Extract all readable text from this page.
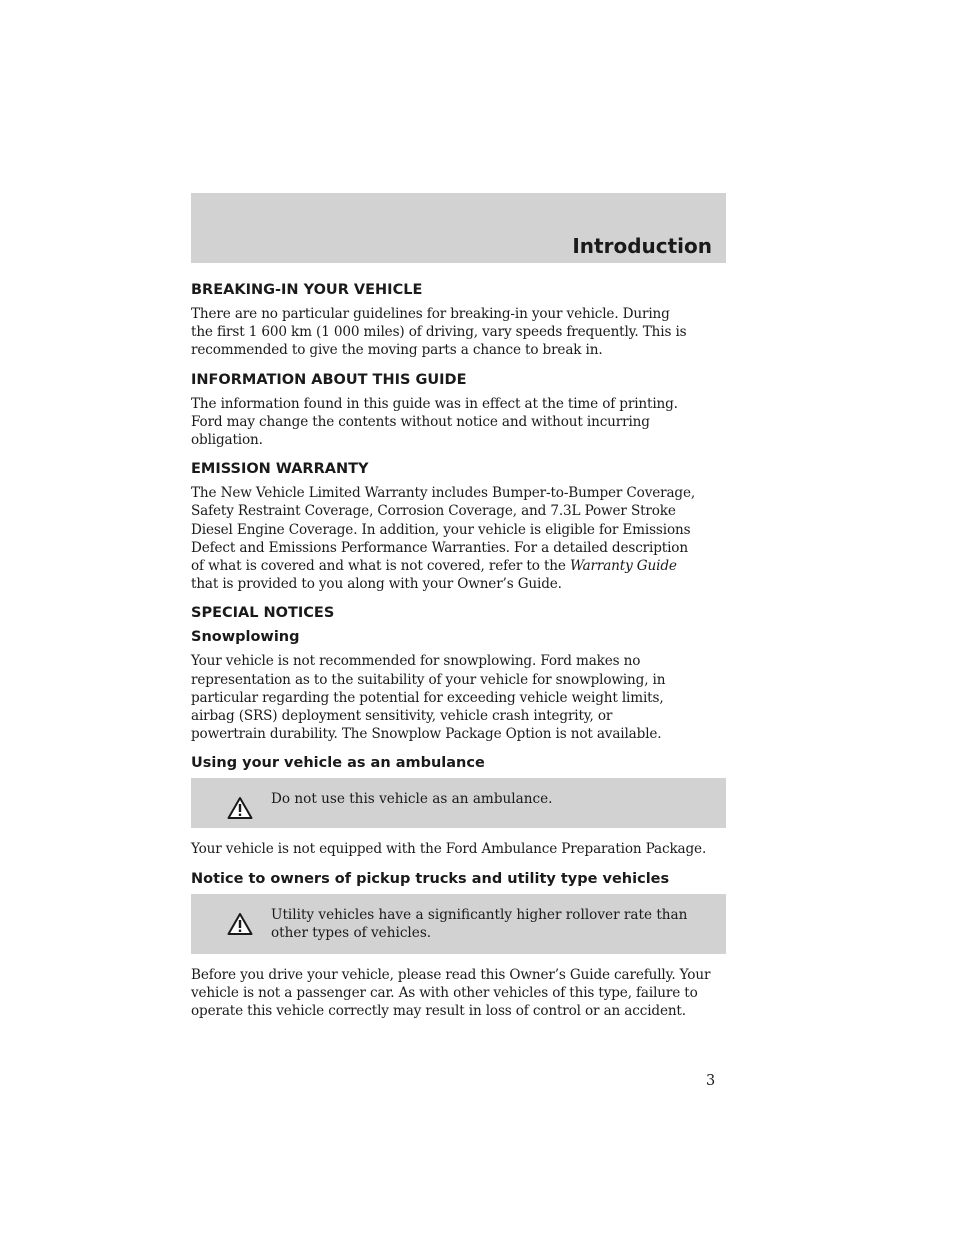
Introduction
BREAKING-IN YOUR VEHICLE

There are no particular guidelines for breaking-in your vehicle. During
the first 1 600 km (1 000 miles) of driving, vary speeds frequently. This is
recommended to give the moving parts a chance to break in.

INFORMATION ABOUT THIS GUIDE

The information found in this guide was in effect at the time of printing.
Ford may change the contents without notice and without incurring
obligation.

EMISSION WARRANTY

The New Vehicle Limited Warranty includes Bumper-to-Bumper Coverage,
Safety Restraint Coverage, Corrosion Coverage, and 7.3L Power Stroke
Diesel Engine Coverage. In addition, your vehicle is eligible for Emissions
Defect and Emissions Performance Warranties. For a detailed description
of what is covered and what is not covered, refer to the Warranty Guide
that is provided to you along with your Owner’s Guide.

SPECIAL NOTICES
Snowplowing

Your vehicle is not recommended for snowplowing. Ford makes no
representation as to the suitability of your vehicle for snowplowing, in
particular regarding the potential for exceeding vehicle weight limits,
airbag (SRS) deployment sensitivity, vehicle crash integrity, or
powertrain durability. The Snowplow Package Option is not available.

Using your vehicle as an ambulance

Do not use this vehicle as an ambulance.

Your vehicle is not equipped with the Ford Ambulance Preparation Package.

Notice to owners of pickup trucks and utility type vehicles

Utility vehicles have a significantly higher rollover rate than
other types of vehicles.

Before you drive your vehicle, please read this Owner’s Guide carefully. Your
vehicle is not a passenger car. As with other vehicles of this type, failure to
operate this vehicle correctly may result in loss of control or an accident.

3
